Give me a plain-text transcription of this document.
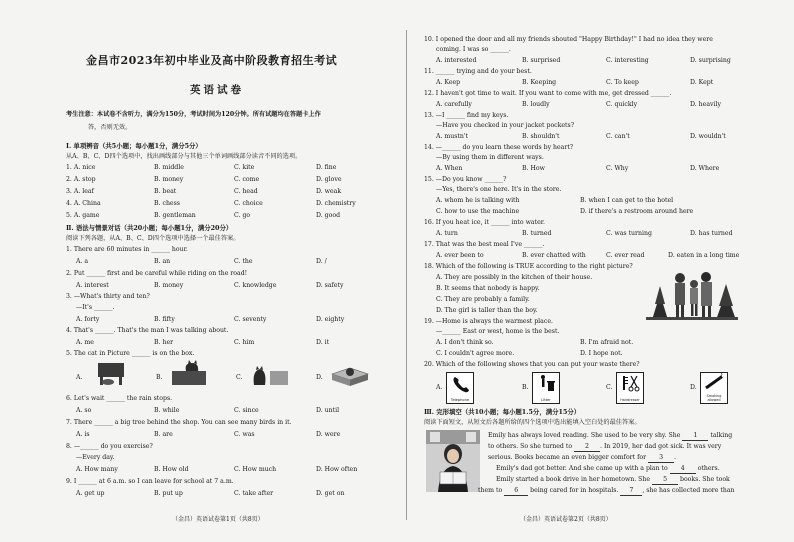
金昌市2023年初中毕业及高中阶段教育招生考试
英语试卷
考生注意：本试卷不含听力，满分为150分，考试时间为120分钟。所有试题均在答题卡上作
答，否则无效。
Ⅰ. 单项辨音（共5小题；每小题1分，满分5分）
从A、B、C、D四个选项中，找出画线部分与其他三个单词画线部分读音不同的选项。
1. A. nice	B. middle	C. kite	D. fine
2. A. stop	B. money	C. come	D. glove
3. A. leaf	B. beat	C. head	D. weak
4. A. China	B. chess	C. choice	D. chemistry
5. A. game	B. gentleman	C. go	D. good
Ⅱ. 语法与情景对话（共20小题；每小题1分，满分20分）
阅读下列各题，从A、B、C、D四个选项中选择一个最佳答案。
1. There are 60 minutes in ______ hour.
A. a	B. an	C. the	D. /
2. Put ______ first and be careful while riding on the road!
A. interest	B. money	C. knowledge	D. safety
3. —What's thirty and ten?
—It's ______.
A. forty	B. fifty	C. seventy	D. eighty
4. That's ______. That's the man I was talking about.
A. me	B. her	C. him	D. it
5. The cat in Picture ______ is on the box.
A.	B.	C.	D.
6. Let's wait ______ the rain stops.
A. so	B. while	C. since	D. until
7. There ______ a big tree behind the shop. You can see many birds in it.
A. is	B. are	C. was	D. were
8. —______ do you exercise?
—Every day.
A. How many	B. How old	C. How much	D. How often
9. I ______ at 6 a.m. so I can leave for school at 7 a.m.
A. get up	B. put up	C. take after	D. get on
（金昌）英语试卷第1页（共8页）
10. I opened the door and all my friends shouted "Happy Birthday!" I had no idea they were
coming. I was so ______.
A. interested	B. surprised	C. interesting	D. surprising
11. ______ trying and do your best.
A. Keep	B. Keeping	C. To keep	D. Kept
12. I haven't got time to wait. If you want to come with me, get dressed ______.
A. carefully	B. loudly	C. quickly	D. heavily
13. —I ______ find my keys.
—Have you checked in your jacket pockets?
A. mustn't	B. shouldn't	C. can't	D. wouldn't
14. —______ do you learn these words by heart?
—By using them in different ways.
A. When	B. How	C. Why	D. Where
15. —Do you know ______?
—Yes, there's one here. It's in the store.
A. whom he is talking with	B. when I can get to the hotel
C. how to use the machine	D. if there's a restroom around here
16. If you heat ice, it ______ into water.
A. turn	B. turned	C. was turning	D. has turned
17. That was the best meal I've ______.
A. ever been to	B. ever chatted with	C. ever read	D. eaten in a long time
18. Which of the following is TRUE according to the right picture?
A. They are possibly in the kitchen of their house.
B. It seems that nobody is happy.
C. They are probably a family.
D. The girl is taller than the boy.
19. —Home is always the warmest place.
—______ East or west, home is the best.
A. I don't think so.	B. I'm afraid not.
C. I couldn't agree more.	D. I hope not.
20. Which of the following shows that you can put your waste there?
A.
Telephone
B.
Litter
C.
Hairdresser
D.
Smoking
allowed
Ⅲ. 完形填空（共10小题；每小题1.5分，满分15分）
阅读下面短文，从短文后各题所给的四个选项中选出能填入空白处的最佳答案。
Emily has always loved reading. She used to be very shy. She 1 talking
to others. So she turned to 2 . In 2019, her dad got sick. It was very
serious. Books became an even bigger comfort for 3 .
Emily's dad got better. And she came up with a plan to 4 others.
Emily started a book drive in her hometown. She 5 books. She took
them to 6 being cared for in hospitals. 7 , she has collected more than
（金昌）英语试卷第2页（共8页）
